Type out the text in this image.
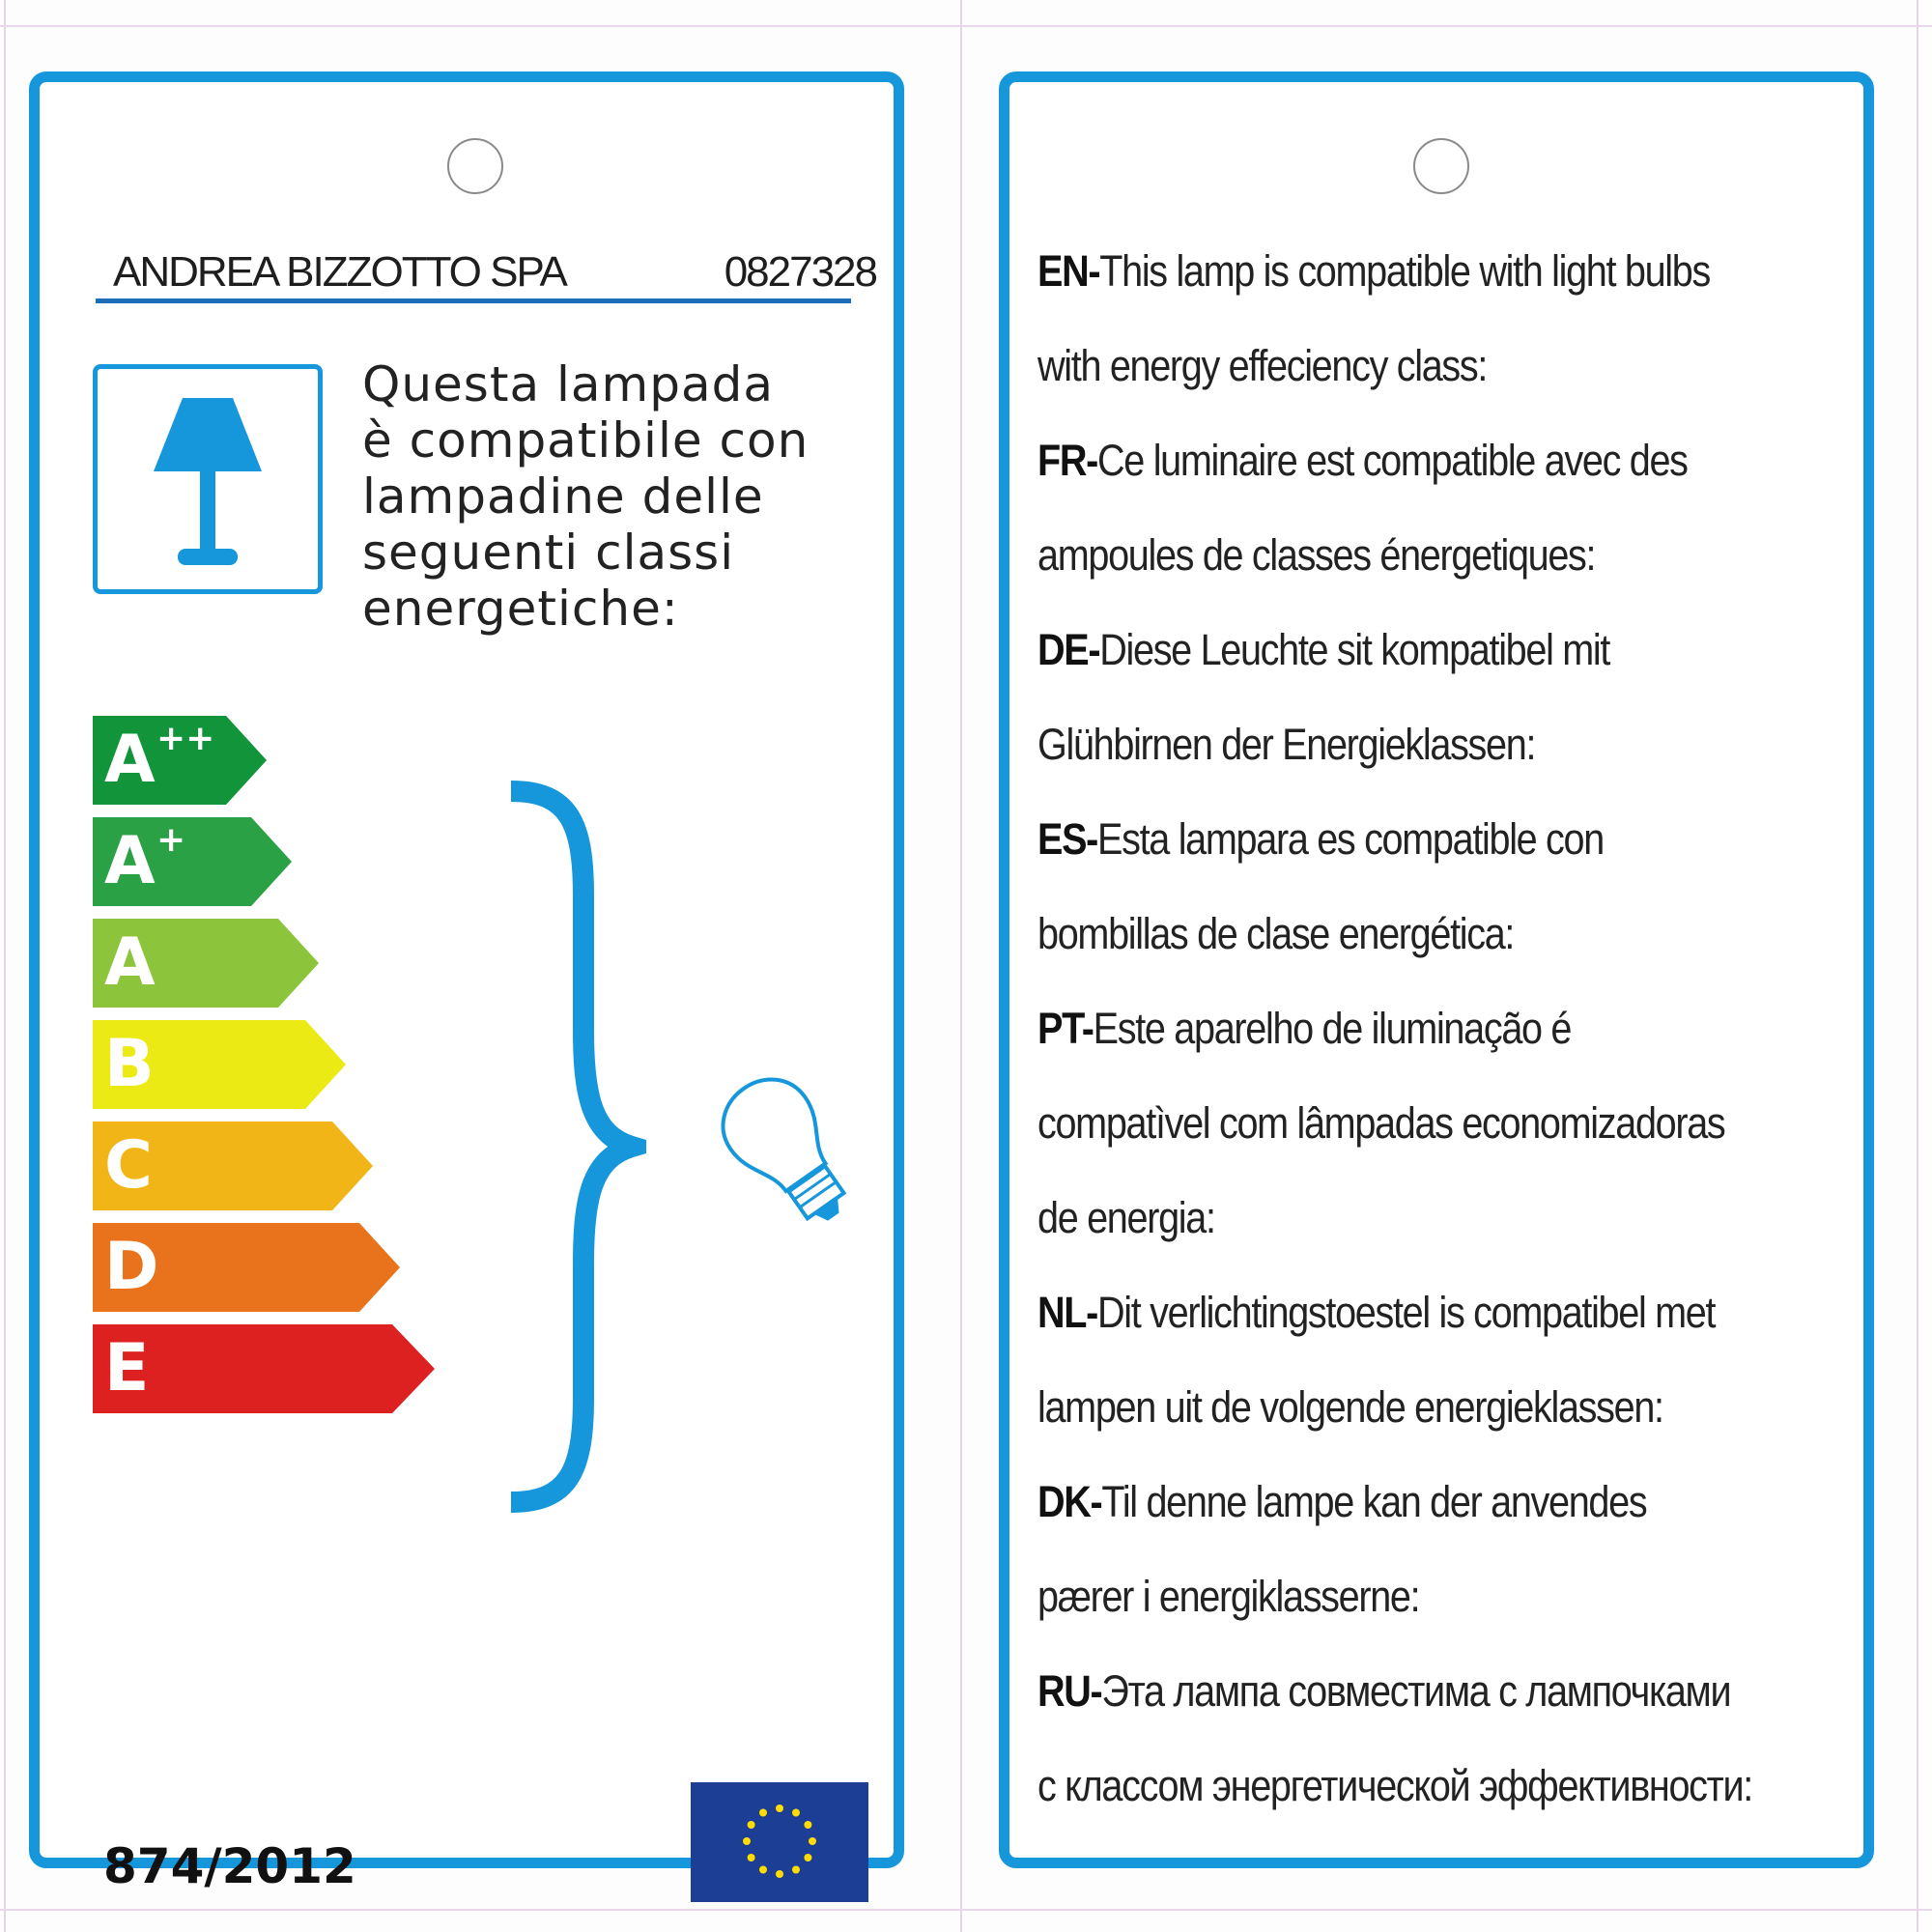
ANDREA BIZZOTTO SPA	0827328
Questa lampada
è compatibile con
lampadine delle
seguenti classi
energetiche:
A ++
A +
A
B
C
D
E
874/2012
EN-This lamp is compatible with light bulbs
with energy effeciency class:
FR-Ce luminaire est compatible avec des
ampoules de classes énergetiques:
DE-Diese Leuchte sit kompatibel mit
Glühbirnen der Energieklassen:
ES-Esta lampara es compatible con
bombillas de clase energética:
PT-Este aparelho de iluminação é
compatìvel com lâmpadas economizadoras
de energia:
NL-Dit verlichtingstoestel is compatibel met
lampen uit de volgende energieklassen:
DK-Til denne lampe kan der anvendes
pærer i energiklasserne:
RU-Эта лампа совместима с лампочками
с классом энергетической эффективности:
